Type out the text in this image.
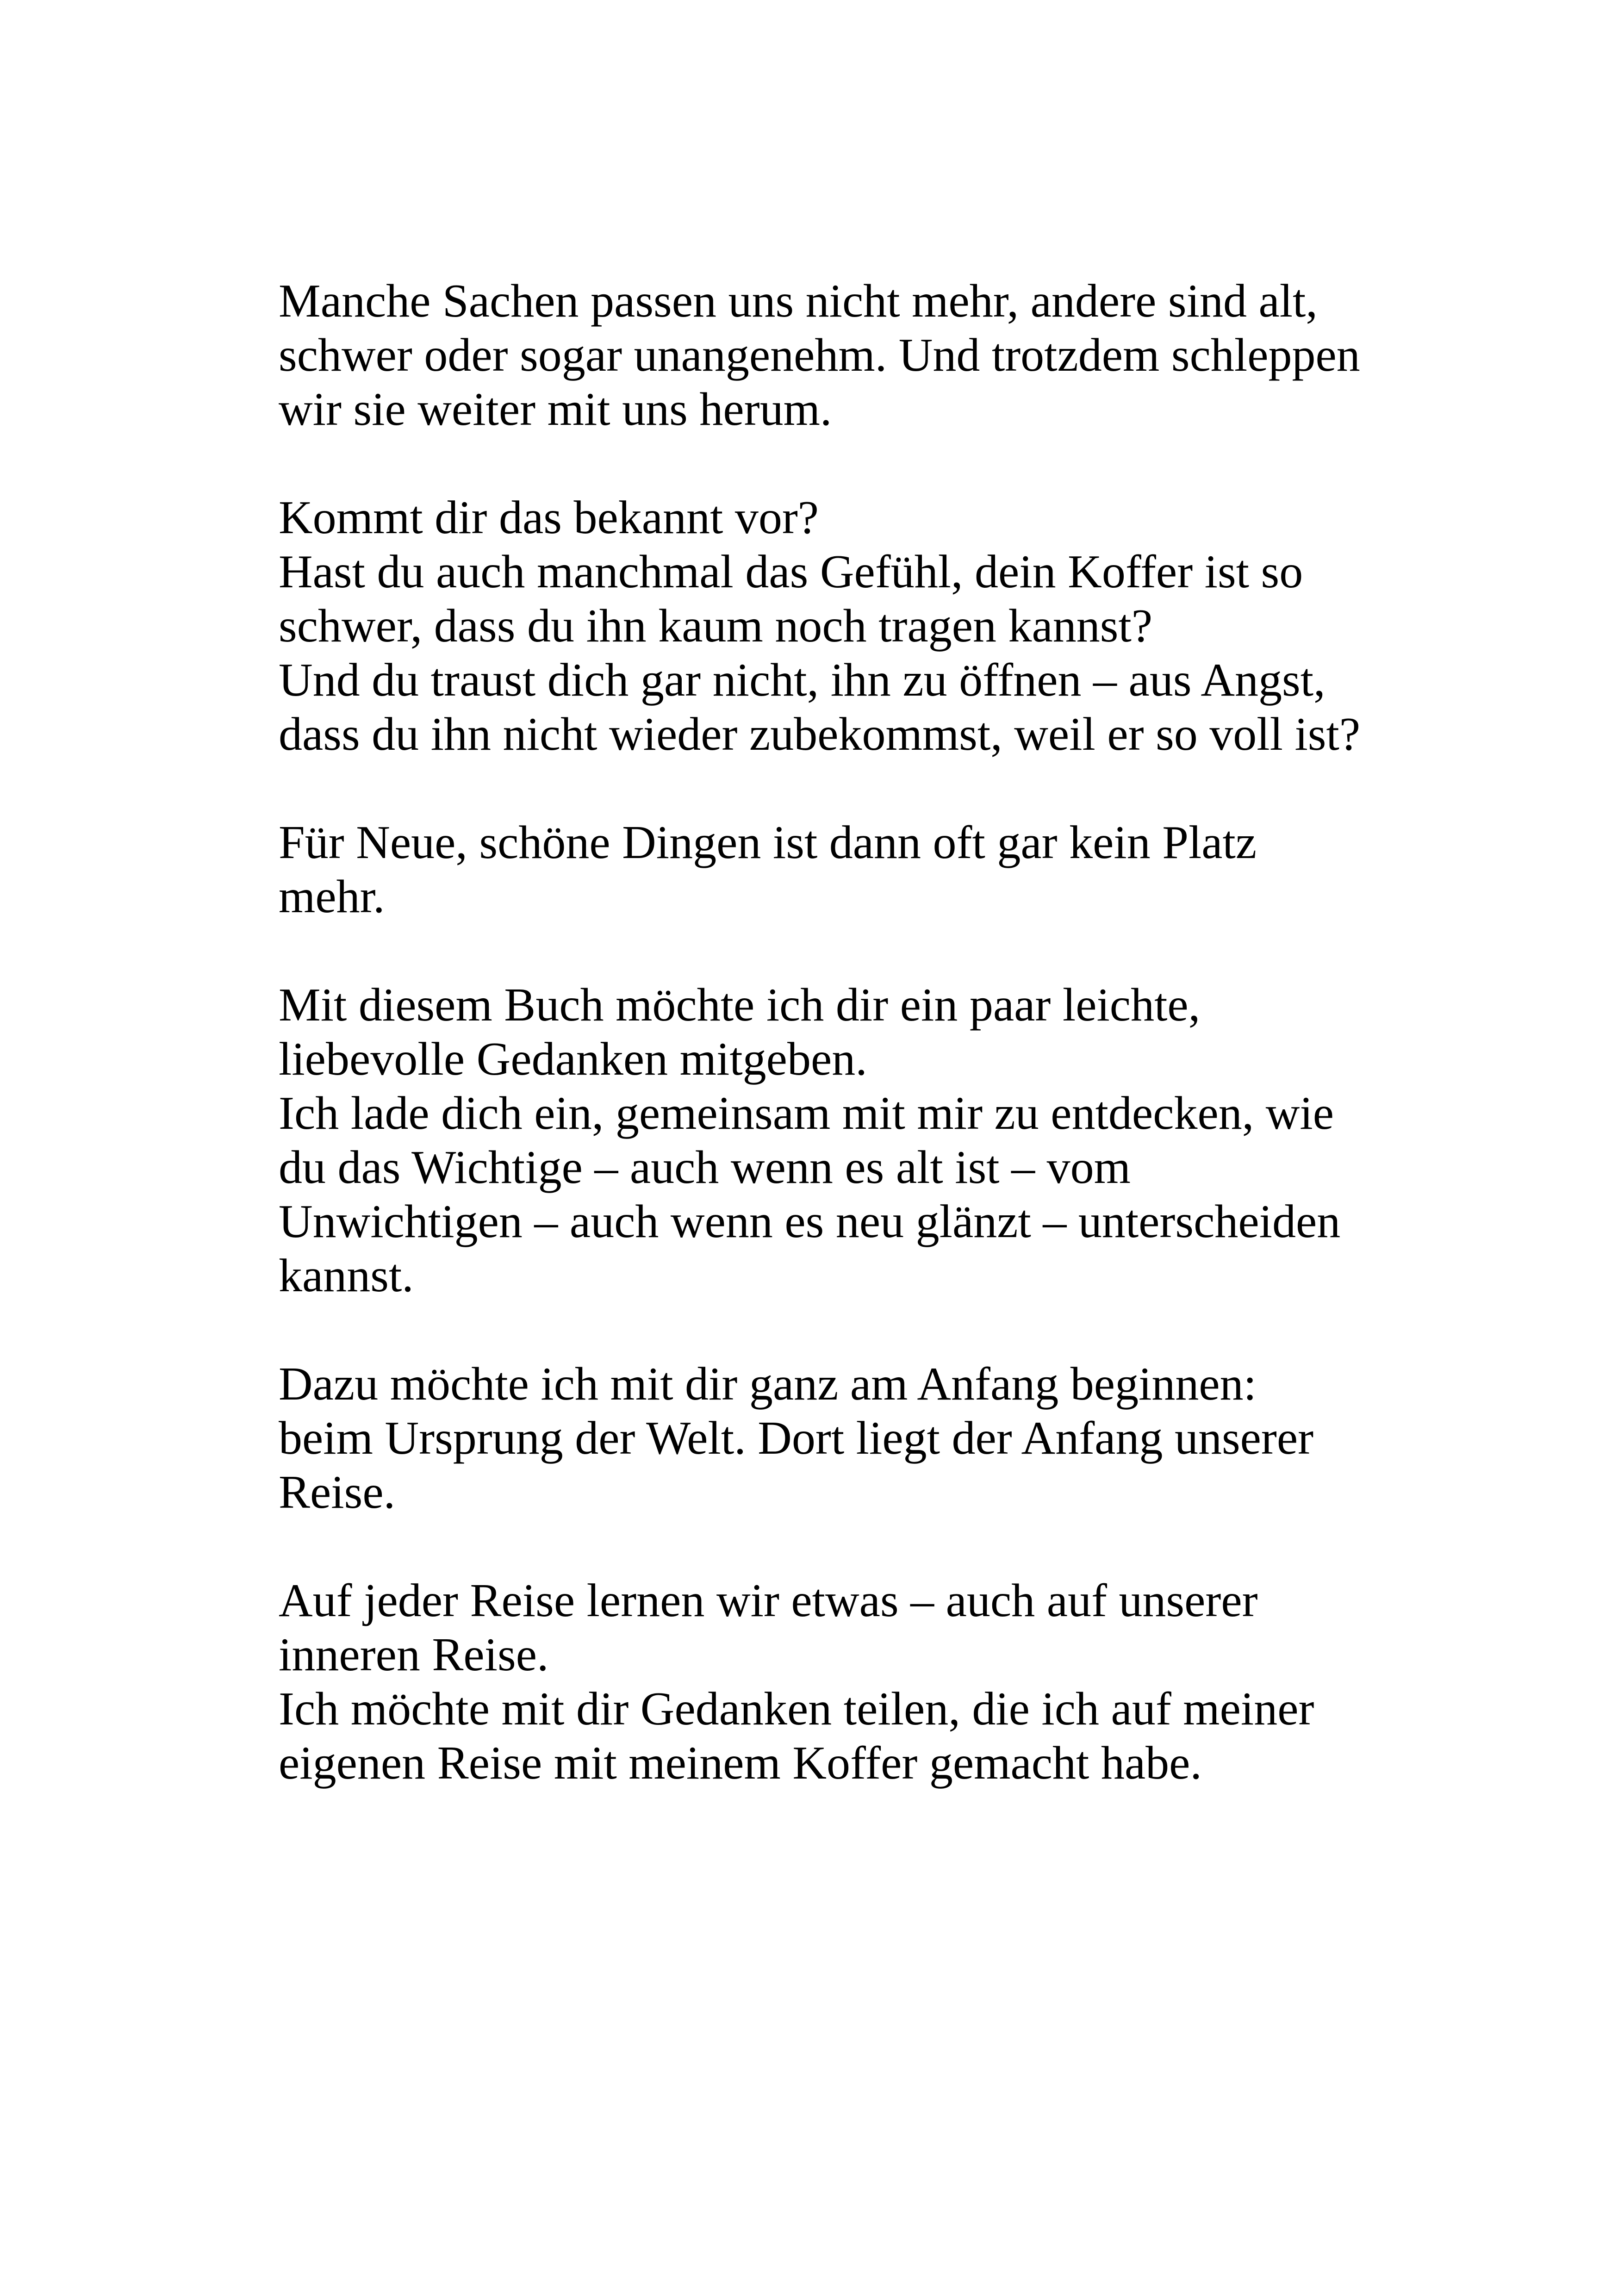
Manche Sachen passen uns nicht mehr, andere sind alt,
schwer oder sogar unangenehm. Und trotzdem schleppen
wir sie weiter mit uns herum.
Kommt dir das bekannt vor?
Hast du auch manchmal das Gefühl, dein Koffer ist so
schwer, dass du ihn kaum noch tragen kannst?
Und du traust dich gar nicht, ihn zu öffnen – aus Angst,
dass du ihn nicht wieder zubekommst, weil er so voll ist?
Für Neue, schöne Dingen ist dann oft gar kein Platz
mehr.
Mit diesem Buch möchte ich dir ein paar leichte,
liebevolle Gedanken mitgeben.
Ich lade dich ein, gemeinsam mit mir zu entdecken, wie
du das Wichtige – auch wenn es alt ist – vom
Unwichtigen – auch wenn es neu glänzt – unterscheiden
kannst.
Dazu möchte ich mit dir ganz am Anfang beginnen:
beim Ursprung der Welt. Dort liegt der Anfang unserer
Reise.
Auf jeder Reise lernen wir etwas – auch auf unserer
inneren Reise.
Ich möchte mit dir Gedanken teilen, die ich auf meiner
eigenen Reise mit meinem Koffer gemacht habe.
